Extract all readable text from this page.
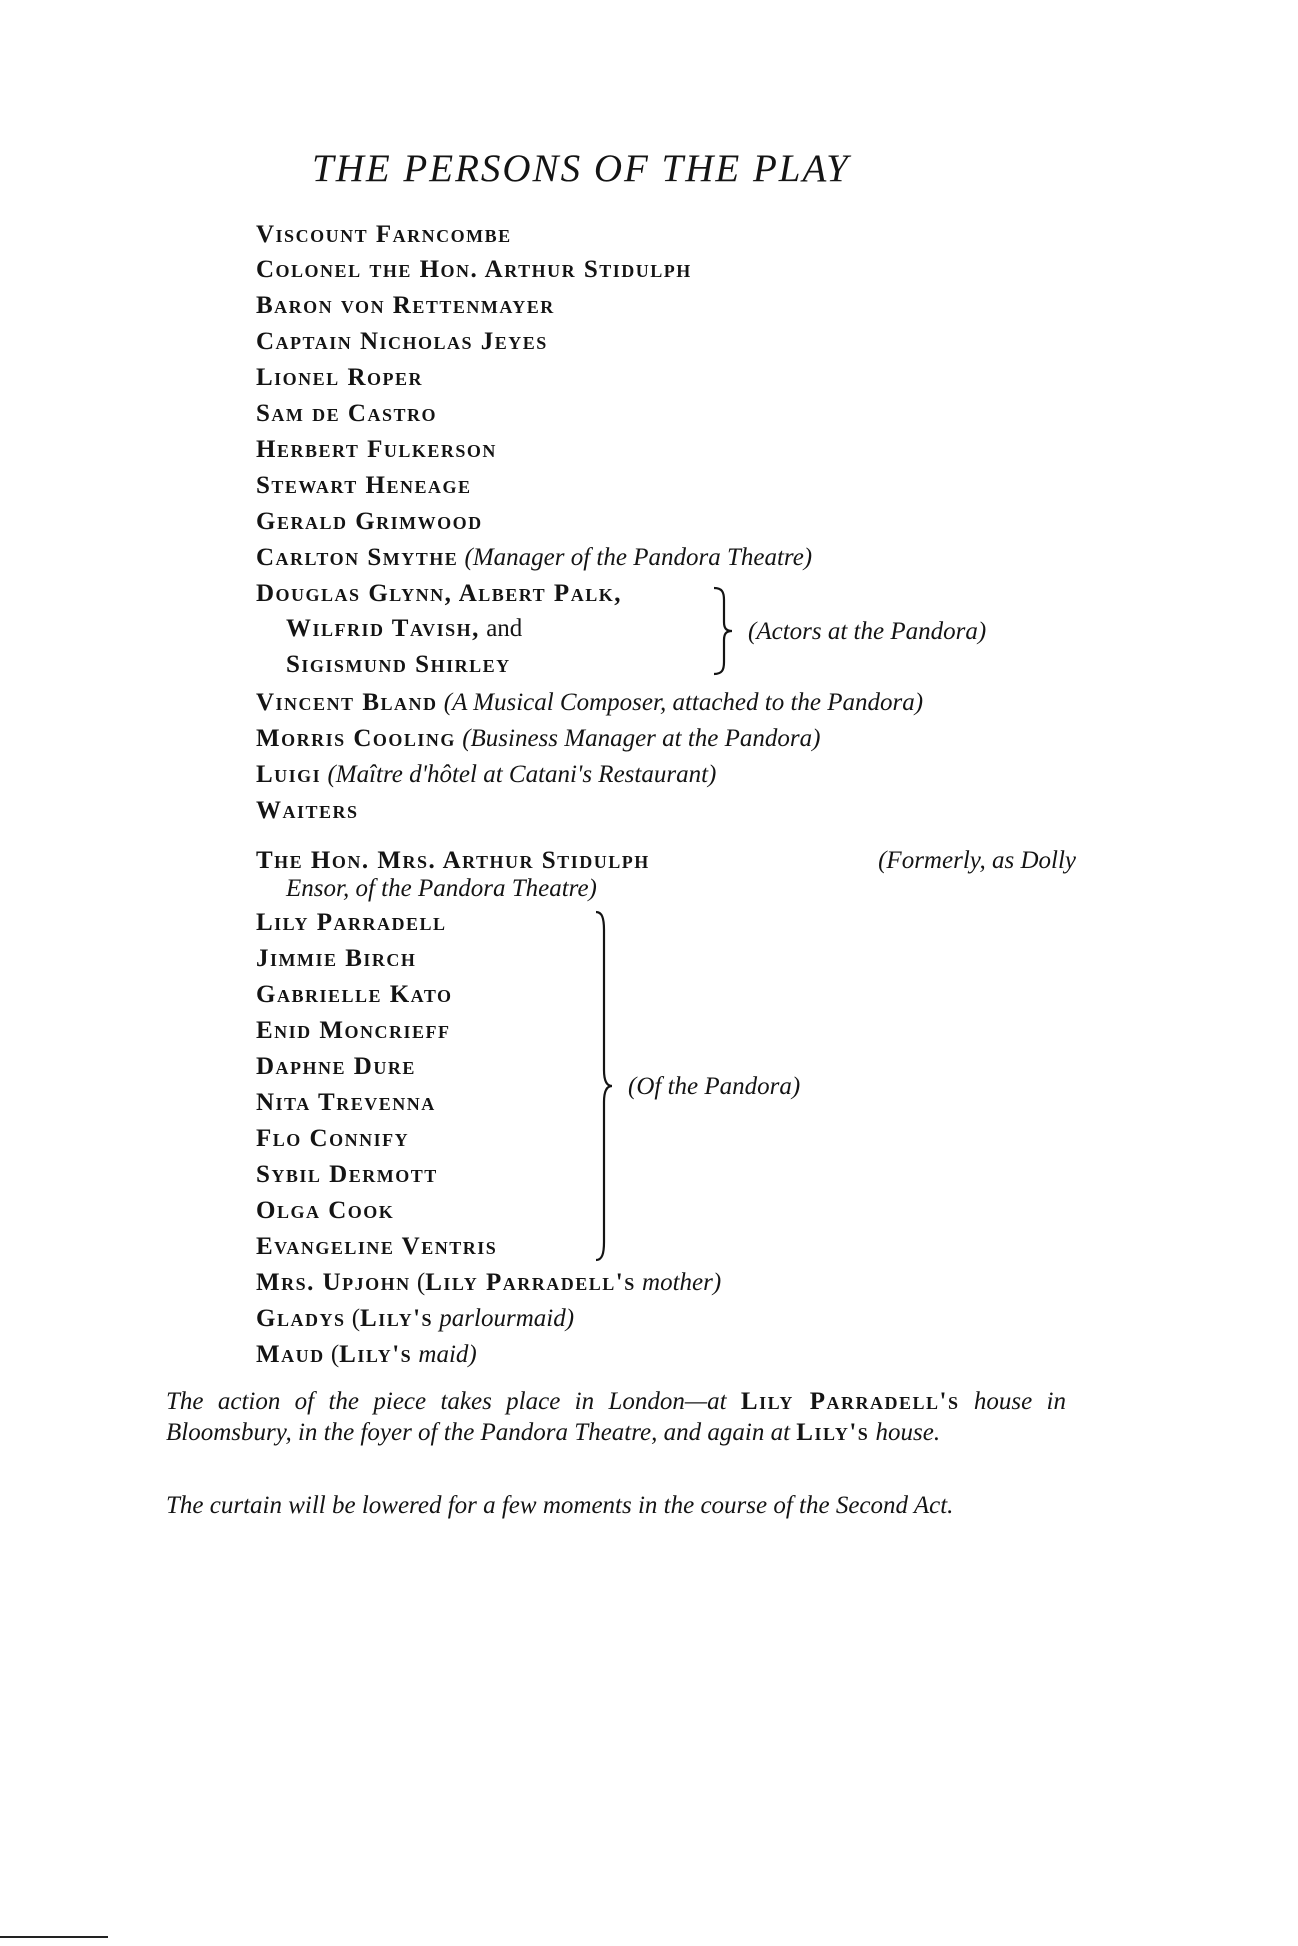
THE PERSONS OF THE PLAY
Viscount Farncombe
Colonel the Hon. Arthur Stidulph
Baron von Rettenmayer
Captain Nicholas Jeyes
Lionel Roper
Sam de Castro
Herbert Fulkerson
Stewart Heneage
Gerald Grimwood
Carlton Smythe (Manager of the Pandora Theatre)
Douglas Glynn, Albert Palk,
Wilfrid Tavish, and
Sigismund Shirley
(Actors at the Pandora)
Vincent Bland (A Musical Composer, attached to the Pandora)
Morris Cooling (Business Manager at the Pandora)
Luigi (Maître d'hôtel at Catani's Restaurant)
Waiters
The Hon. Mrs. Arthur Stidulph	(Formerly, as Dolly
Ensor, of the Pandora Theatre)
Lily Parradell
Jimmie Birch
Gabrielle Kato
Enid Moncrieff
Daphne Dure
Nita Trevenna
Flo Connify
Sybil Dermott
Olga Cook
Evangeline Ventris
(Of the Pandora)
Mrs. Upjohn (Lily Parradell's mother)
Gladys (Lily's parlourmaid)
Maud (Lily's maid)
The action of the piece takes place in London—at Lily Parradell's house in Bloomsbury, in the foyer of the Pandora Theatre, and again at Lily's house.
The curtain will be lowered for a few moments in the course of the Second Act.
